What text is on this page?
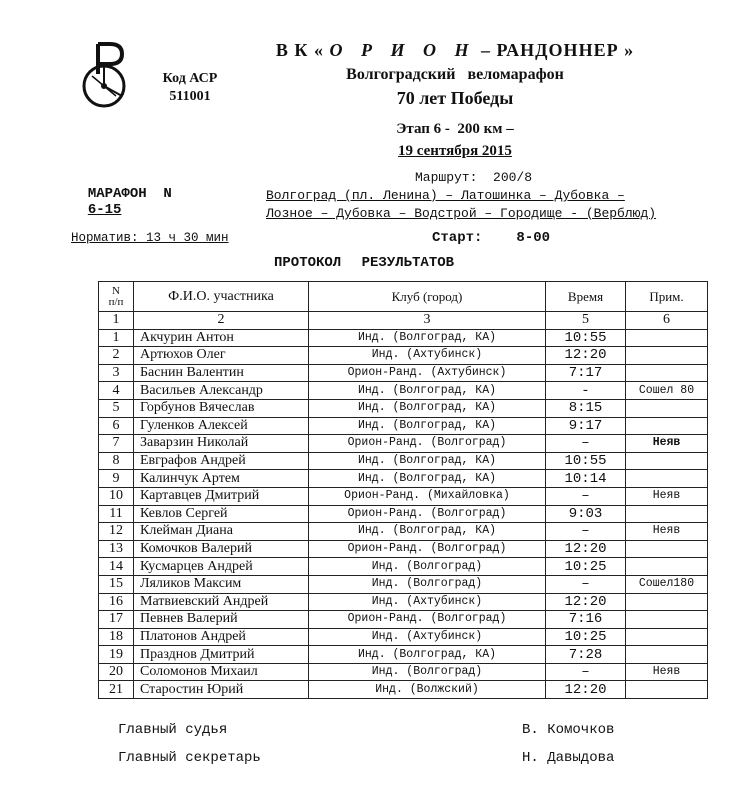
Код АСР
511001
В К « О Р И О Н – РАНДОННЕР »
Волгоградский   веломарафон
70 лет Победы
Этап 6 -  200 км –
19 сентября 2015

МАРАФОН  N
6-15

Маршрут:  200/8
Волгоград (пл. Ленина) – Латошинка – Дубовка –
Лозное – Дубовка – Водстрой – Городище - (Верблюд)
Норматив: 13 ч 30 мин	Старт: 8-00
ПРОТОКОЛ РЕЗУЛЬТАТОВ
N
п/п	Ф.И.О. участника	Клуб (город)	Время	Прим.
1	2	3	5	6
1	Акчурин Антон	Инд. (Волгоград, КА)	10:55	
2	Артюхов Олег	Инд. (Ахтубинск)	12:20	
3	Баснин Валентин	Орион-Ранд. (Ахтубинск)	7:17	
4	Васильев Александр	Инд. (Волгоград, КА)	-	Сошел 80
5	Горбунов Вячеслав	Инд. (Волгоград, КА)	8:15	
6	Гуленков Алексей	Инд. (Волгоград, КА)	9:17	
7	Заварзин Николай	Орион-Ранд. (Волгоград)	–	Неяв
8	Евграфов Андрей	Инд. (Волгоград, КА)	10:55	
9	Калинчук Артем	Инд. (Волгоград, КА)	10:14	
10	Картавцев Дмитрий	Орион-Ранд. (Михайловка)	–	Неяв
11	Кевлов Сергей	Орион-Ранд. (Волгоград)	9:03	
12	Клейман Диана	Инд. (Волгоград, КА)	–	Неяв
13	Комочков Валерий	Орион-Ранд. (Волгоград)	12:20	
14	Кусмарцев Андрей	Инд. (Волгоград)	10:25	
15	Ляликов Максим	Инд. (Волгоград)	–	Сошел180
16	Матвиевский Андрей	Инд. (Ахтубинск)	12:20	
17	Певнев Валерий	Орион-Ранд. (Волгоград)	7:16	
18	Платонов Андрей	Инд. (Ахтубинск)	10:25	
19	Празднов Дмитрий	Инд. (Волгоград, КА)	7:28	
20	Соломонов Михаил	Инд. (Волгоград)	–	Неяв
21	Старостин Юрий	Инд. (Волжский)	12:20	
Главный судья	В. Комочков
Главный секретарь	Н. Давыдова
